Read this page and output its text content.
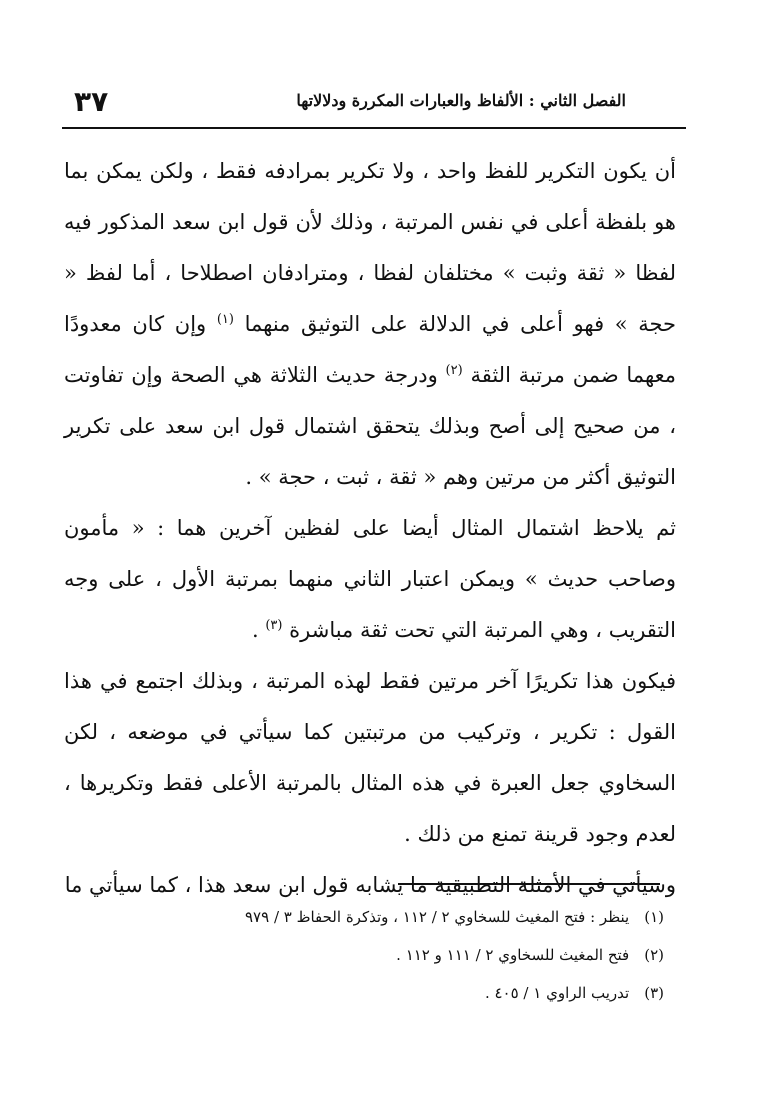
٣٧	الفصل الثاني : الألفاظ والعبارات المكررة ودلالاتها

أن يكون التكرير للفظ واحد ، ولا تكرير بمرادفه فقط ، ولكن يمكن بما هو بلفظة أعلى في نفس المرتبة ، وذلك لأن قول ابن سعد المذكور فيه لفظا « ثقة وثبت » مختلفان لفظا ، ومترادفان اصطلاحا ، أما لفظ « حجة » فهو أعلى في الدلالة على التوثيق منهما $^{(١)}$ وإن كان معدودًا معهما ضمن مرتبة الثقة $^{(٢)}$ ودرجة حديث الثلاثة هي الصحة وإن تفاوتت ، من صحيح إلى أصح وبذلك يتحقق اشتمال قول ابن سعد على تكرير التوثيق أكثر من مرتين وهم « ثقة ، ثبت ، حجة » .

ثم يلاحظ اشتمال المثال أيضا على لفظين آخرين هما : « مأمون وصاحب حديث » ويمكن اعتبار الثاني منهما بمرتبة الأول ، على وجه التقريب ، وهي المرتبة التي تحت ثقة مباشرة $^{(٣)}$ .

فيكون هذا تكريرًا آخر مرتين فقط لهذه المرتبة ، وبذلك اجتمع في هذا القول : تكرير ، وتركيب من مرتبتين كما سيأتي في موضعه ، لكن السخاوي جعل العبرة في هذه المثال بالمرتبة الأعلى فقط وتكريرها ، لعدم وجود قرينة تمنع من ذلك .

وسيأتي في الأمثلة التطبيقية ما يشابه قول ابن سعد هذا ، كما سيأتي ما

(١) ينظر : فتح المغيث للسخاوي ٢ / ١١٢ ، وتذكرة الحفاظ ٣ / ٩٧٩
(٢) فتح المغيث للسخاوي ٢ / ١١١ و ١١٢ .
(٣) تدريب الراوي ١ / ٤٠٥ .
